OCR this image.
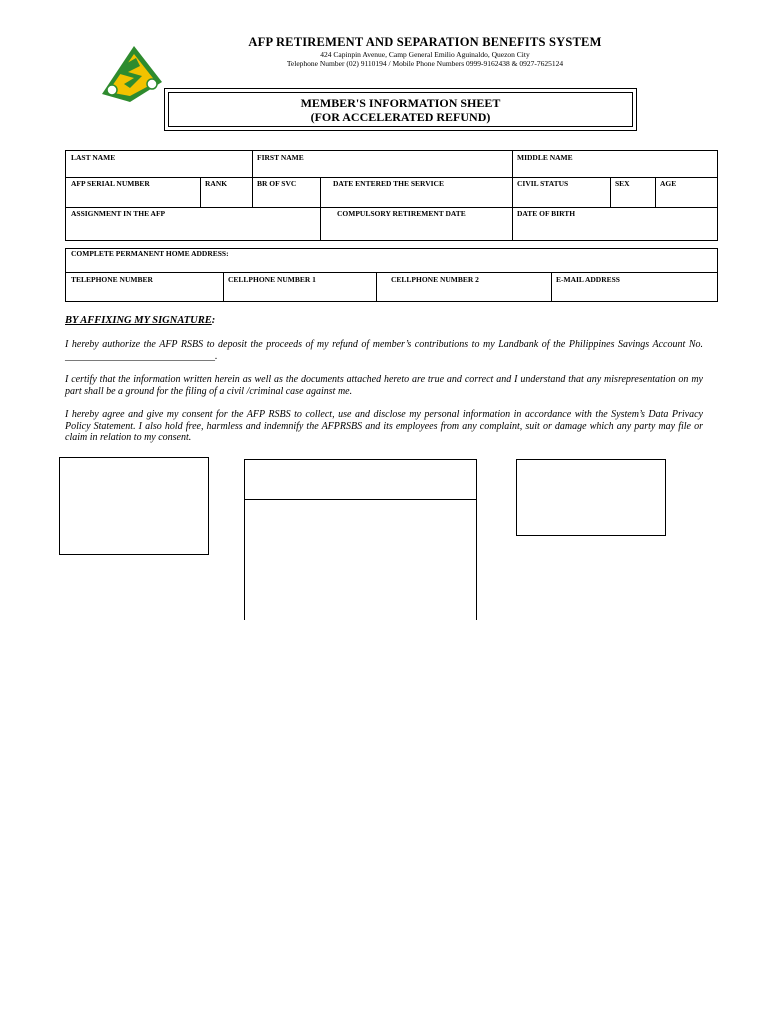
AFP RETIREMENT AND SEPARATION BENEFITS SYSTEM
424 Capinpin Avenue, Camp General Emilio Aguinaldo, Quezon City
Telephone Number (02) 9110194 / Mobile Phone Numbers 0999-9162438 & 0927-7625124
MEMBER'S INFORMATION SHEET
(FOR ACCELERATED REFUND)
LAST NAME	FIRST NAME	MIDDLE NAME
AFP SERIAL NUMBER	RANK	BR OF SVC	DATE ENTERED THE SERVICE	CIVIL STATUS	SEX	AGE
ASSIGNMENT IN THE AFP	COMPULSORY RETIREMENT DATE	DATE OF BIRTH
COMPLETE PERMANENT HOME ADDRESS:
TELEPHONE NUMBER	CELLPHONE NUMBER 1	CELLPHONE NUMBER 2	E-MAIL ADDRESS
BY AFFIXING MY SIGNATURE:
I hereby authorize the AFP RSBS to deposit the proceeds of my refund of member’s contributions to my Landbank of the Philippines Savings Account No. ______________________________.
I certify that the information written herein as well as the documents attached hereto are true and correct and I understand that any misrepresentation on my part shall be a ground for the filing of a civil /criminal case against me.
I hereby agree and give my consent for the AFP RSBS to collect, use and disclose my personal information in accordance with the System’s Data Privacy Policy Statement. I also hold free, harmless and indemnify the AFPRSBS and its employees from any complaint, suit or damage which any party may file or claim in relation to my consent.
